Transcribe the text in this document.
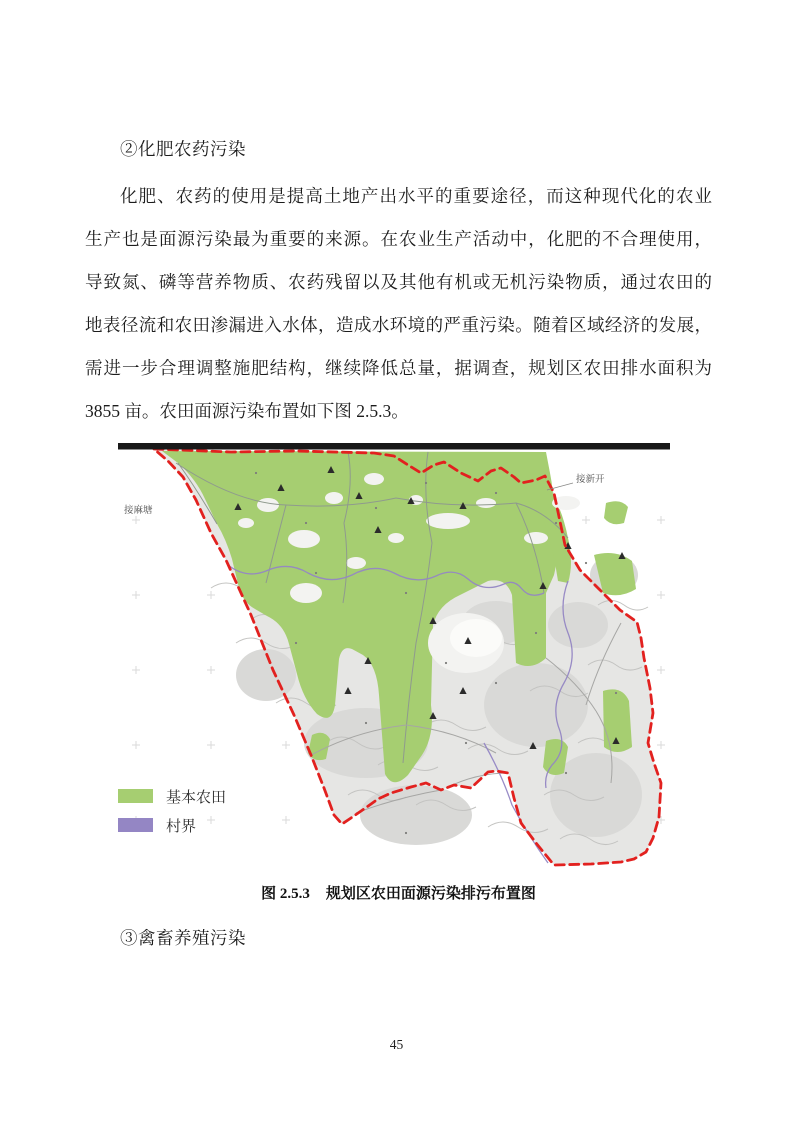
②化肥农药污染
化肥、农药的使用是提高土地产出水平的重要途径，而这种现代化的农业
生产也是面源污染最为重要的来源。在农业生产活动中，化肥的不合理使用，
导致氮、磷等营养物质、农药残留以及其他有机或无机污染物质，通过农田的
地表径流和农田渗漏进入水体，造成水环境的严重污染。随着区域经济的发展，
需进一步合理调整施肥结构，继续降低总量，据调查，规划区农田排水面积为
3855 亩。农田面源污染布置如下图 2.5.3。
接麻塘
接新开
基本农田
村界
图 2.5.3 规划区农田面源污染排污布置图
③禽畜养殖污染
45
